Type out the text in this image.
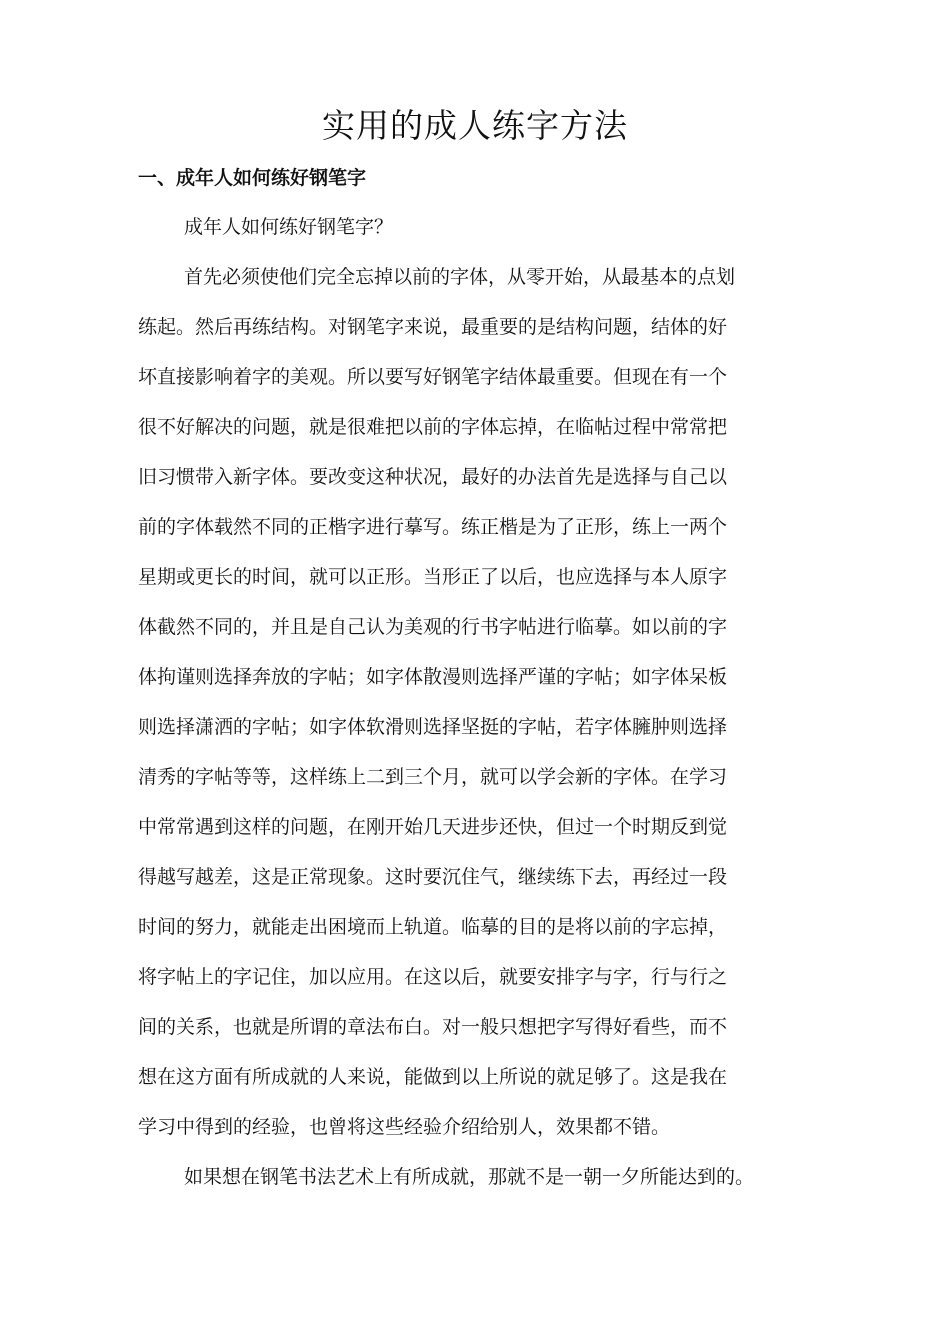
实用的成人练字方法
一、成年人如何练好钢笔字

成年人如何练好钢笔字？

首先必须使他们完全忘掉以前的字体，从零开始，从最基本的点划

练起。然后再练结构。对钢笔字来说，最重要的是结构问题，结体的好

坏直接影响着字的美观。所以要写好钢笔字结体最重要。但现在有一个

很不好解决的问题，就是很难把以前的字体忘掉，在临帖过程中常常把

旧习惯带入新字体。要改变这种状况，最好的办法首先是选择与自己以

前的字体载然不同的正楷字进行摹写。练正楷是为了正形，练上一两个

星期或更长的时间，就可以正形。当形正了以后，也应选择与本人原字

体截然不同的，并且是自己认为美观的行书字帖进行临摹。如以前的字

体拘谨则选择奔放的字帖；如字体散漫则选择严谨的字帖；如字体呆板

则选择潇洒的字帖；如字体软滑则选择坚挺的字帖，若字体臃肿则选择

清秀的字帖等等，这样练上二到三个月，就可以学会新的字体。在学习

中常常遇到这样的问题，在刚开始几天进步还快，但过一个时期反到觉

得越写越差，这是正常现象。这时要沉住气，继续练下去，再经过一段

时间的努力，就能走出困境而上轨道。临摹的目的是将以前的字忘掉，

将字帖上的字记住，加以应用。在这以后，就要安排字与字，行与行之

间的关系，也就是所谓的章法布白。对一般只想把字写得好看些，而不

想在这方面有所成就的人来说，能做到以上所说的就足够了。这是我在

学习中得到的经验，也曾将这些经验介绍给别人，效果都不错。

如果想在钢笔书法艺术上有所成就，那就不是一朝一夕所能达到的。
